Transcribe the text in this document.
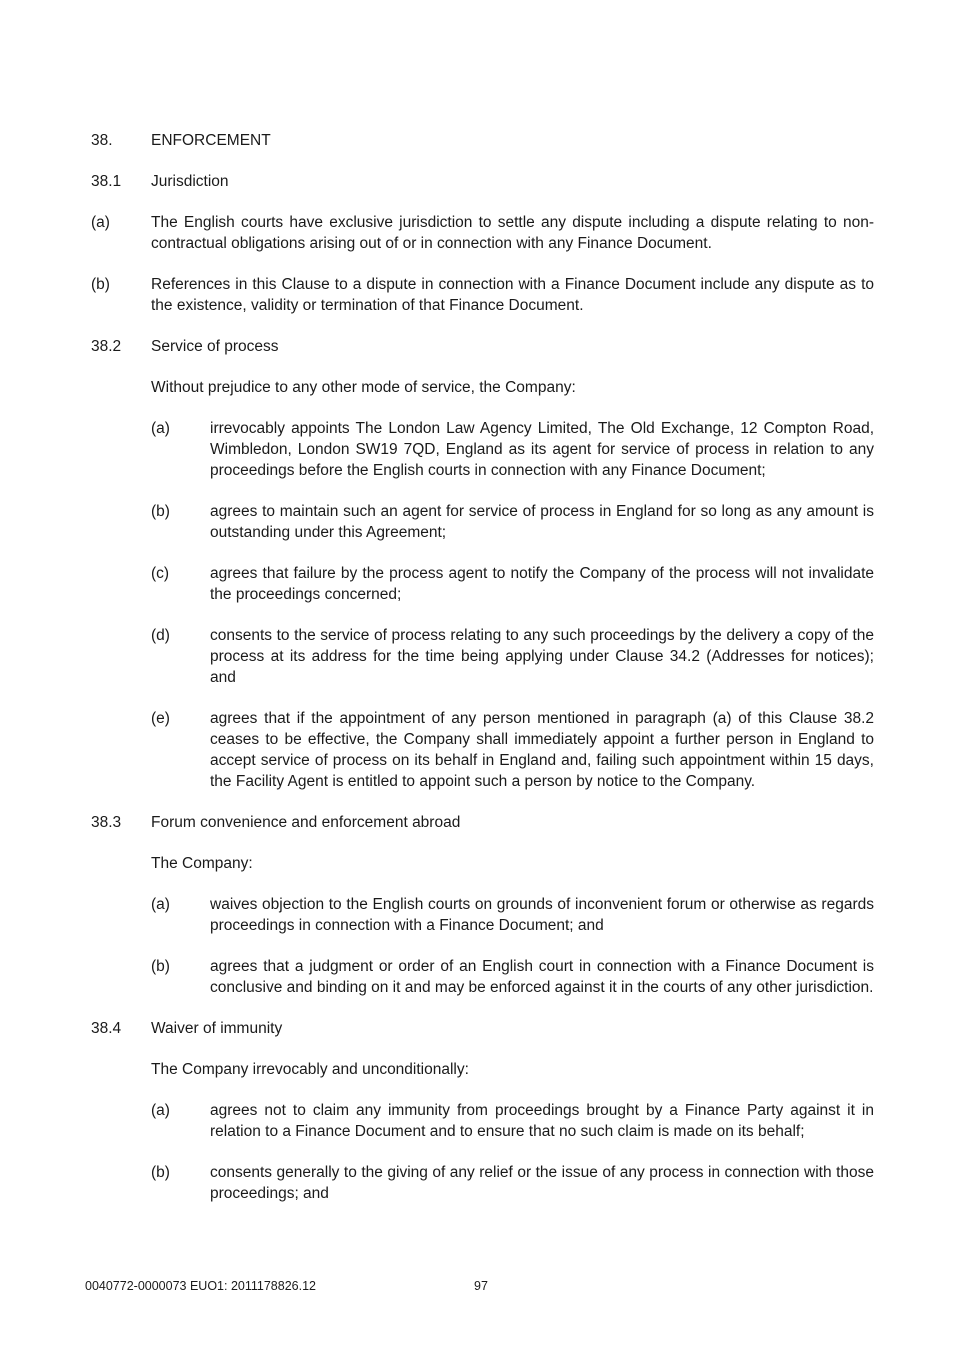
38.	ENFORCEMENT
38.1	Jurisdiction
(a)	The English courts have exclusive jurisdiction to settle any dispute including a dispute relating to non-contractual obligations arising out of or in connection with any Finance Document.
(b)	References in this Clause to a dispute in connection with a Finance Document include any dispute as to the existence, validity or termination of that Finance Document.
38.2	Service of process
Without prejudice to any other mode of service, the Company:
(a)	irrevocably appoints The London Law Agency Limited, The Old Exchange, 12 Compton Road, Wimbledon, London SW19 7QD, England as its agent for service of process in relation to any proceedings before the English courts in connection with any Finance Document;
(b)	agrees to maintain such an agent for service of process in England for so long as any amount is outstanding under this Agreement;
(c)	agrees that failure by the process agent to notify the Company of the process will not invalidate the proceedings concerned;
(d)	consents to the service of process relating to any such proceedings by the delivery a copy of the process at its address for the time being applying under Clause 34.2 (Addresses for notices); and
(e)	agrees that if the appointment of any person mentioned in paragraph (a) of this Clause 38.2 ceases to be effective, the Company shall immediately appoint a further person in England to accept service of process on its behalf in England and, failing such appointment within 15 days, the Facility Agent is entitled to appoint such a person by notice to the Company.
38.3	Forum convenience and enforcement abroad
The Company:
(a)	waives objection to the English courts on grounds of inconvenient forum or otherwise as regards proceedings in connection with a Finance Document; and
(b)	agrees that a judgment or order of an English court in connection with a Finance Document is conclusive and binding on it and may be enforced against it in the courts of any other jurisdiction.
38.4	Waiver of immunity
The Company irrevocably and unconditionally:
(a)	agrees not to claim any immunity from proceedings brought by a Finance Party against it in relation to a Finance Document and to ensure that no such claim is made on its behalf;
(b)	consents generally to the giving of any relief or the issue of any process in connection with those proceedings; and
0040772-0000073 EUO1: 2011178826.12	97
